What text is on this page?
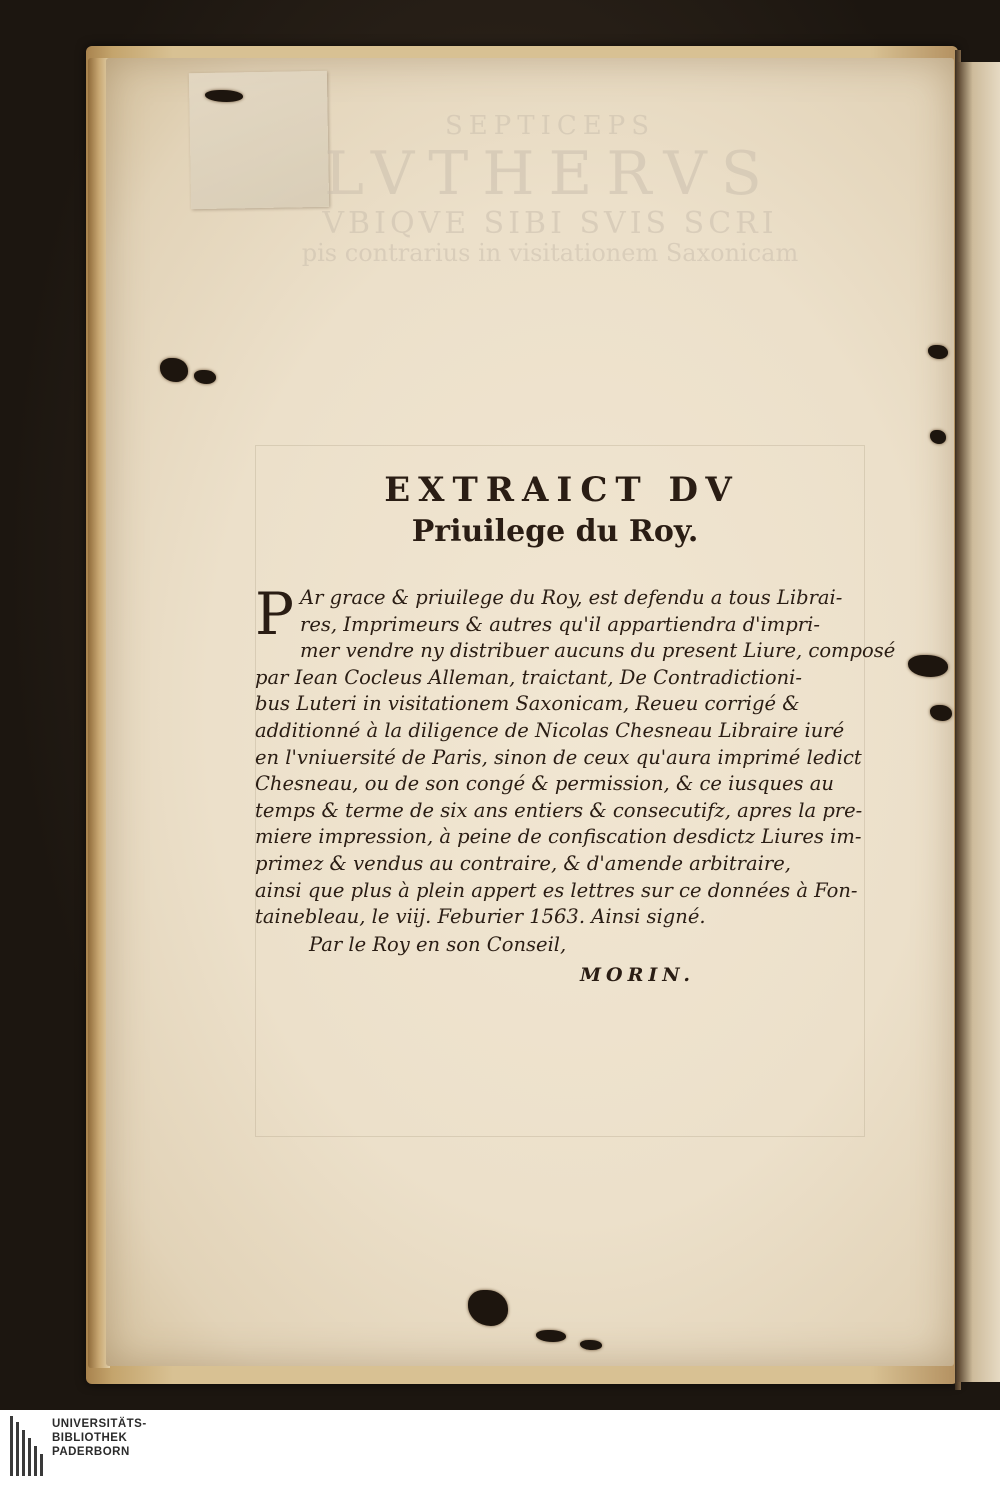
SEPTICEPS
LVTHERVS
VBIQVE SIBI SVIS SCRI
pis contrarius in visitationem Saxonicam
EXTRAICT DV
Priuilege du Roy.
P Ar grace & priuilege du Roy, est defendu a tous Librai-
res, Imprimeurs & autres qu'il appartiendra d'impri-
mer vendre ny distribuer aucuns du present Liure, composé
par Iean Cocleus Alleman, traictant, De Contradictioni-
bus Luteri in visitationem Saxonicam, Reueu corrigé &
additionné à la diligence de Nicolas Chesneau Libraire iuré
en l'vniuersité de Paris, sinon de ceux qu'aura imprimé ledict
Chesneau, ou de son congé & permission, & ce iusques au
temps & terme de six ans entiers & consecutifz, apres la pre-
miere impression, à peine de confiscation desdictz Liures im-
primez & vendus au contraire, & d'amende arbitraire,
ainsi que plus à plein appert es lettres sur ce données à Fon-
tainebleau, le viij. Feburier 1563. Ainsi signé.
Par le Roy en son Conseil,
MORIN.
UNIVERSITÄTS-
BIBLIOTHEK
PADERBORN
